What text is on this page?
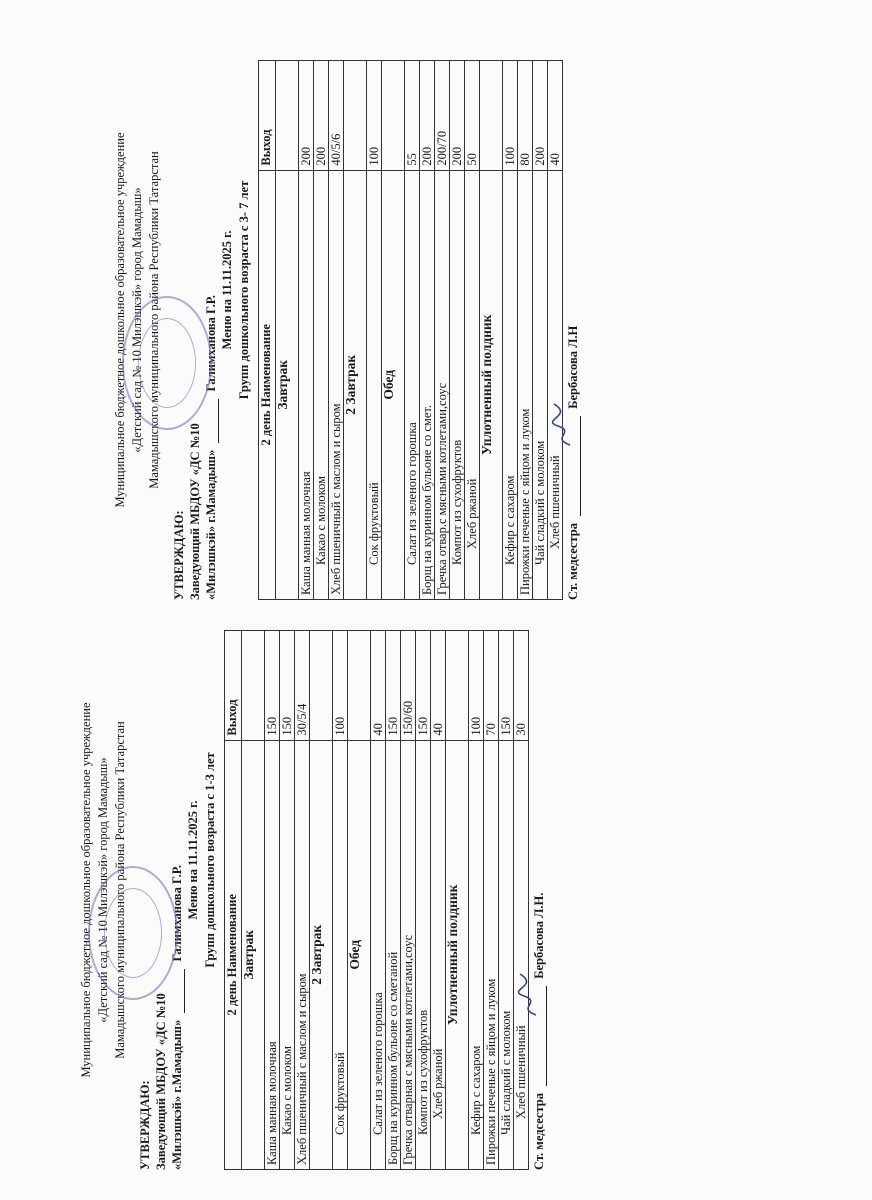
Муниципальное бюджетное дошкольное образовательное учреждение «Детский сад № 10 Милэшкэй» город Мамадыш» Мамадышского муниципального района Республики Татарстан
УТВЕРЖДАЮ: Заведующий МБДОУ «ДС №10 «Милэшкэй» г.Мамадыш»  Галимханова Г.Р. Меню на 11.11.2025 г. Групп дошкольного возраста с 1-3 лет 2 день Наименование	Выход
Завтрак	
Каша манная молочная	150
Какао с молоком	150
Хлеб пшеничный с маслом и сыром	30/5/4
2 Завтрак	
Сок фруктовый	100
Обед	
Салат из зеленого горошка	40
Борщ на куринном бульоне со сметаной	150
Гречка отварная с мясными котлетами,соус	150/60
Компот из сухофруктов	150
Хлеб ржаной	40
Уплотненный полдник	
Кефир с сахаром	100
Пирожки печеные с яйцом и луком	70
Чай сладкий с молоком	150
Хлеб пшеничный	30
Ст. медсестра  Бербасова Л.Н.
Муниципальное бюджетное дошкольное образовательное учреждение «Детский сад № 10 Милэшкэй» город Мамадыш» Мамадышского муниципального района Республики Татарстан
УТВЕРЖДАЮ: Заведующий МБДОУ «ДС №10 «Милэшкэй» г.Мамадыш»  Галимханова Г.Р. Меню на 11.11.2025 г. Групп дошкольного возраста с 3- 7 лет 2 день Наименование	Выход
Завтрак	
Каша манная молочная	200
Какао с молоком	200
Хлеб пшеничный с маслом и сыром	40/5/6
2 Завтрак	
Сок фруктовый	100
Обед	
Салат из зеленого горошка	55
Борщ на куринном бульоне со смет.	200
Гречка отвар.с мясными котлетами,соус	200/70
Компот из сухофруктов	200
Хлеб ржаной	50
Уплотненный полдник	
Кефир с сахаром	100
Пирожки печеные с яйцом и луком	80
Чай сладкий с молоком	200
Хлеб пшеничный	40
Ст. медсестра  Бербасова Л.Н
